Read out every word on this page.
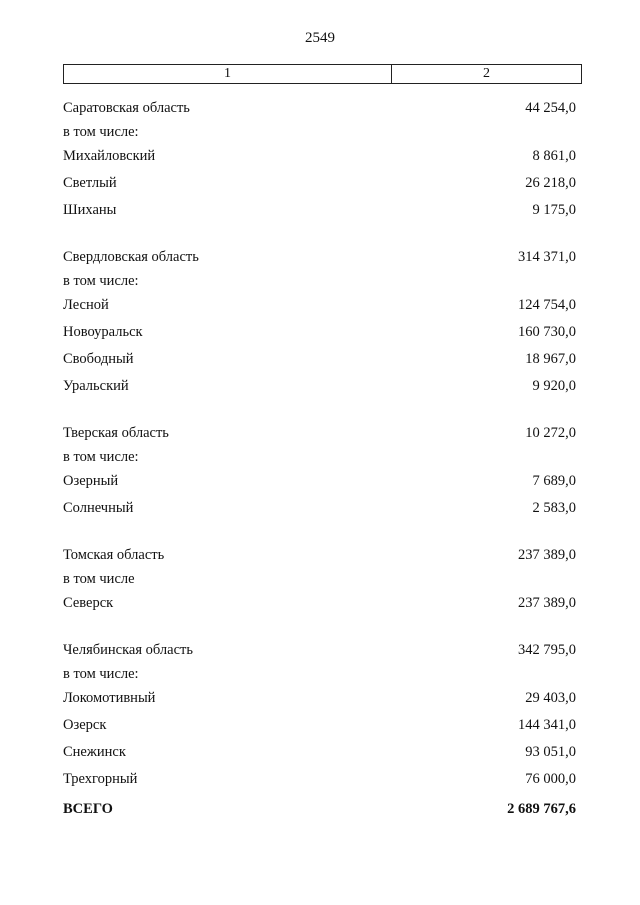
2549
1	2
Саратовская область	44 254,0
в том числе:
Михайловский	8 861,0
Светлый	26 218,0
Шиханы	9 175,0
Свердловская область	314 371,0
в том числе:
Лесной	124 754,0
Новоуральск	160 730,0
Свободный	18 967,0
Уральский	9 920,0
Тверская область	10 272,0
в том числе:
Озерный	7 689,0
Солнечный	2 583,0
Томская область	237 389,0
в том числе
Северск	237 389,0
Челябинская область	342 795,0
в том числе:
Локомотивный	29 403,0
Озерск	144 341,0
Снежинск	93 051,0
Трехгорный	76 000,0
ВСЕГО	2 689 767,6
